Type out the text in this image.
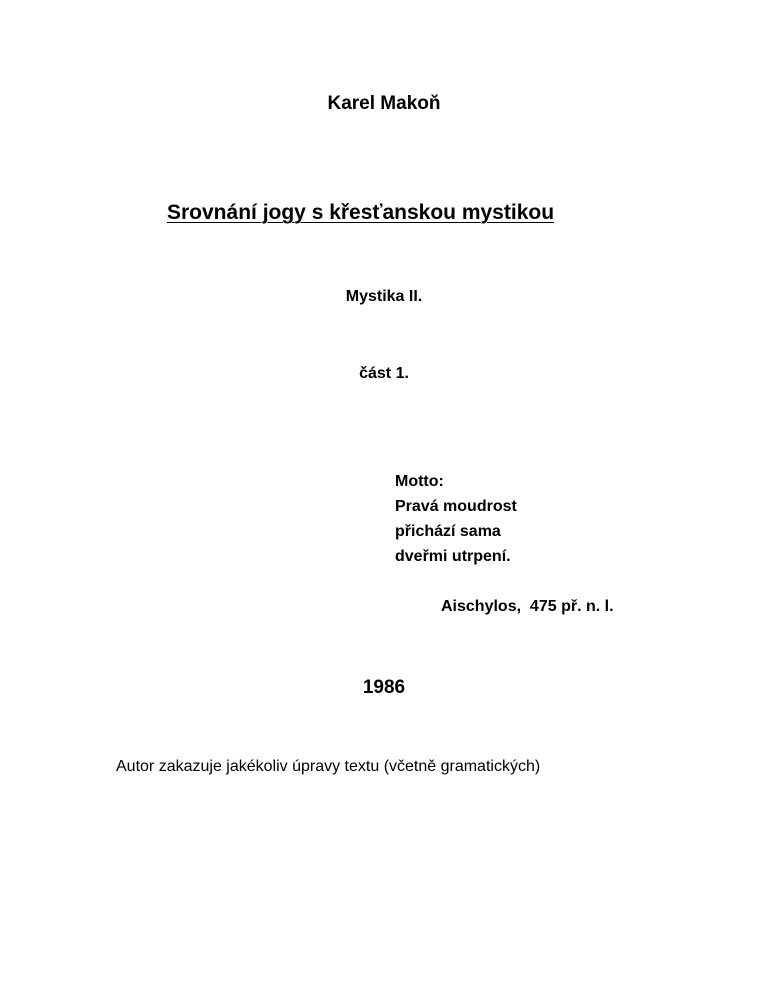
Karel Makoň
Srovnání jogy s křesťanskou mystikou
Mystika II.
část 1.
Motto:
Pravá moudrost
přichází sama
dveřmi utrpení.
Aischylos,  475 př. n. l.
1986
Autor zakazuje jakékoliv úpravy textu (včetně gramatických)
